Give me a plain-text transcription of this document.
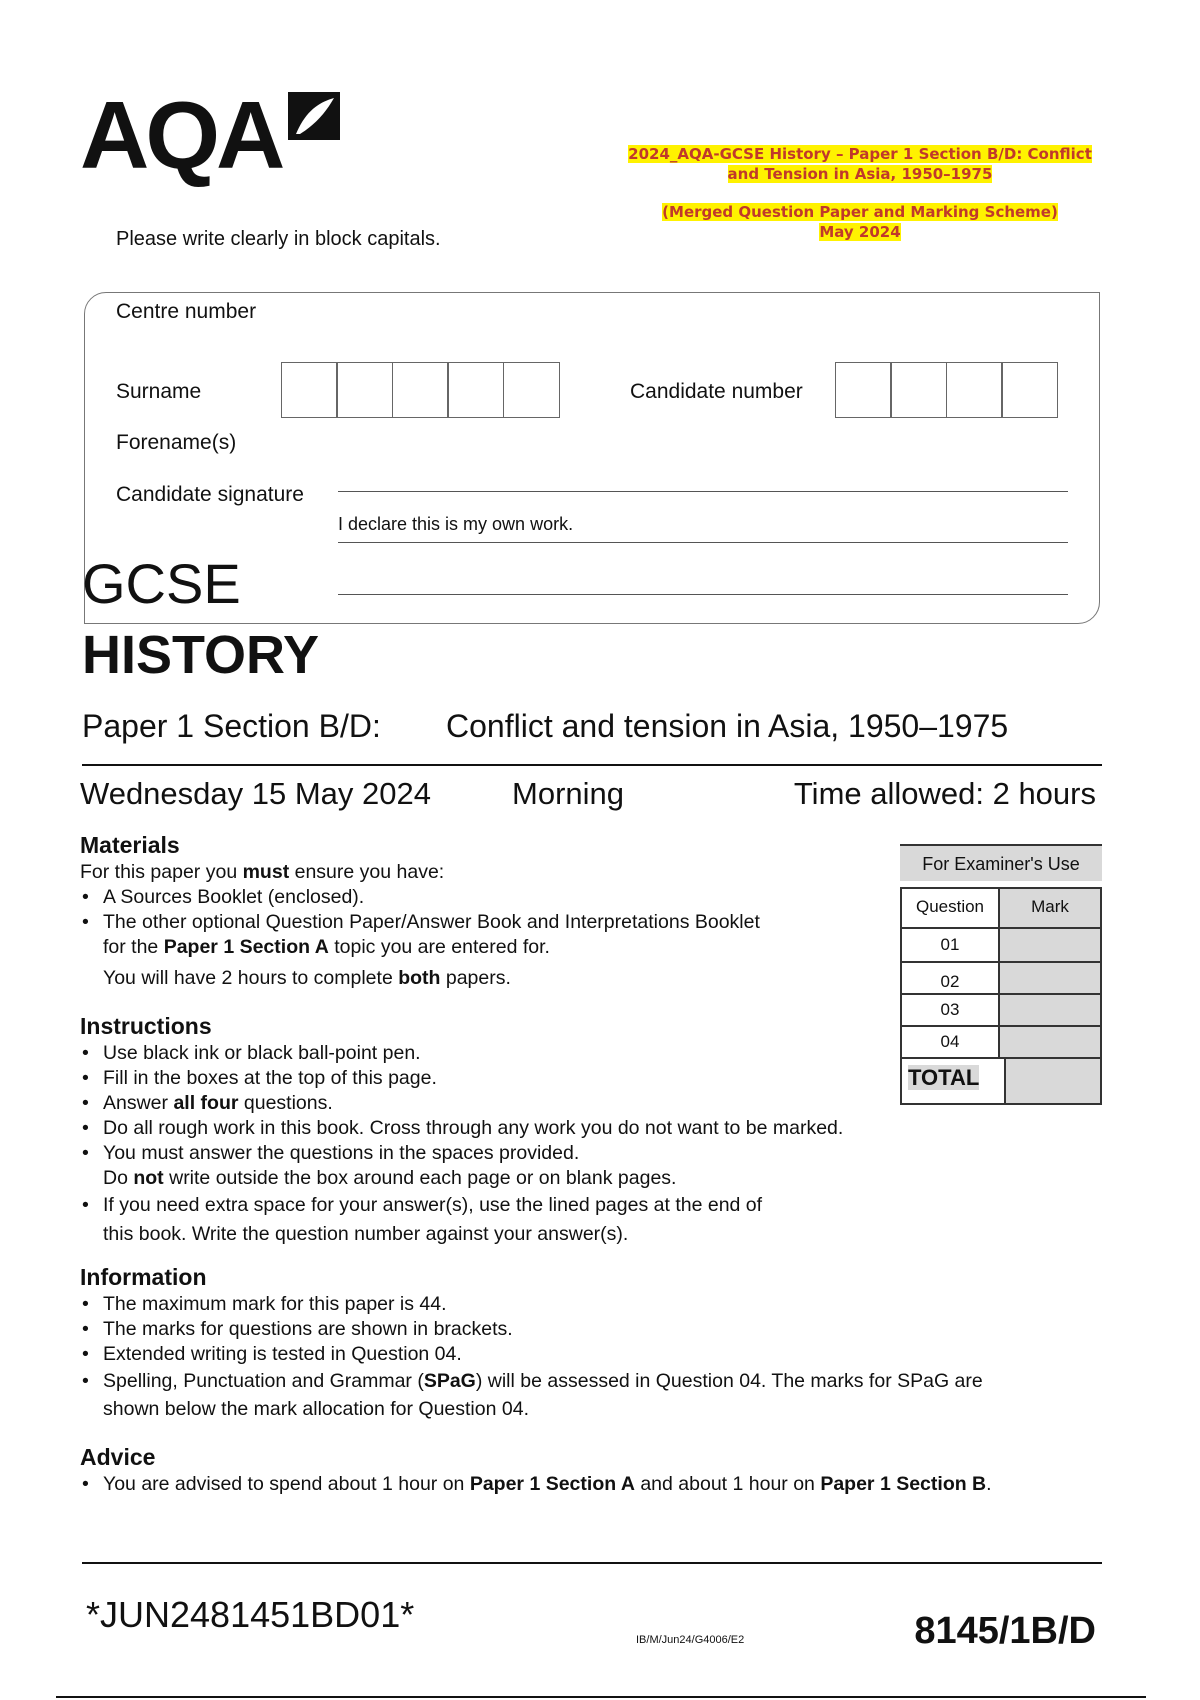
AQA	2024_AQA-GCSE History – Paper 1 Section B/D: Conflict
and Tension in Asia, 1950–1975
(Merged Question Paper and Marking Scheme)
May 2024
Please write clearly in block capitals.
Centre number
Surname	Candidate number
Forename(s)
Candidate signature
I declare this is my own work.
GCSE
HISTORY
Paper 1 Section B/D: Conflict and tension in Asia, 1950–1975
Wednesday 15 May 2024	Morning	Time allowed: 2 hours
Materials

For this paper you must ensure you have:

• A Sources Booklet (enclosed).
• The other optional Question Paper/Answer Book and Interpretations Booklet
for the Paper 1 Section A topic you are entered for.

You will have 2 hours to complete both papers.

Instructions
• Use black ink or black ball-point pen.
• Fill in the boxes at the top of this page.
• Answer all four questions.
• Do all rough work in this book. Cross through any work you do not want to be marked.
• You must answer the questions in the spaces provided.
Do not write outside the box around each page or on blank pages.
• If you need extra space for your answer(s), use the lined pages at the end of
this book. Write the question number against your answer(s).
Information
• The maximum mark for this paper is 44.
• The marks for questions are shown in brackets.
• Extended writing is tested in Question 04.
• Spelling, Punctuation and Grammar (SPaG) will be assessed in Question 04. The marks for SPaG are
shown below the mark allocation for Question 04.
Advice
• You are advised to spend about 1 hour on Paper 1 Section A and about 1 hour on Paper 1 Section B.
For Examiner's Use
Question	Mark
01
02
03
04
TOTAL
*JUN2481451BD01*
IB/M/Jun24/G4006/E2	8145/1B/D
